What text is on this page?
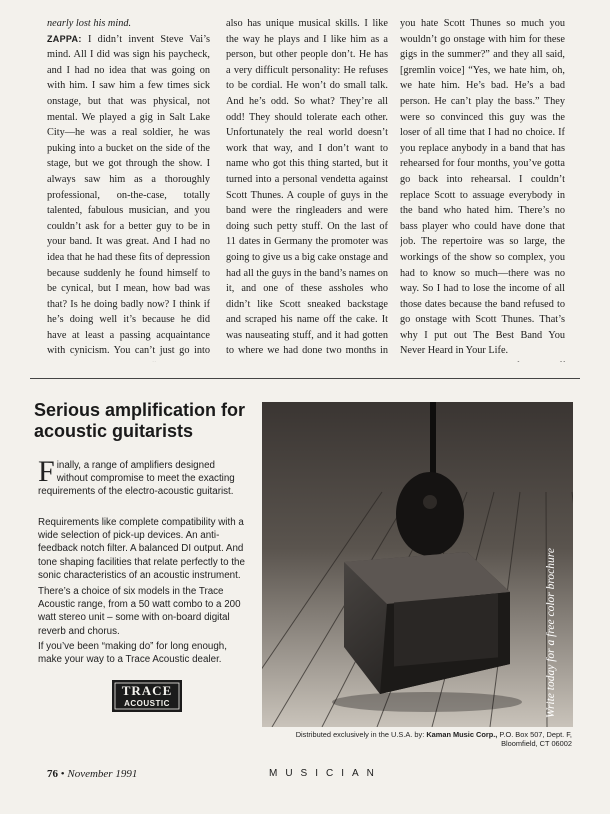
nearly lost his mind.

ZAPPA: I didn’t invent Steve Vai’s mind. All I did was sign his paycheck, and I had no idea that was going on with him. I saw him a few times sick onstage, but that was physical, not mental. We played a gig in Salt Lake City—he was a real soldier, he was puking into a bucket on the side of the stage, but we got through the show. I always saw him as a thoroughly professional, on-the-case, totally talented, fabulous musician, and you couldn’t ask for a better guy to be in your band. It was great. And I had no idea that he had these fits of depression because suddenly he found himself to be cynical, but I mean, how bad was that? Is he doing badly now? I think if he’s doing well it’s because he did have at least a passing acquaintance with cynicism. You can’t just go into

also has unique musical skills. I like the way he plays and I like him as a person, but other people don’t. He has a very difficult personality: He refuses to be cordial. He won’t do small talk. And he’s odd. So what? They’re all odd! They should tolerate each other. Unfortunately the real world doesn’t work that way, and I don’t want to name who got this thing started, but it turned into a personal vendetta against Scott Thunes. A couple of guys in the band were the ringleaders and were doing such petty stuff. On the last of 11 dates in Germany the promoter was going to give us a big cake onstage and had all the guys in the band’s names on it, and one of these assholes who didn’t like Scott sneaked backstage and scraped his name off the cake. It was nauseating stuff, and it had gotten to where we had done two months in

you hate Scott Thunes so much you wouldn’t go onstage with him for these gigs in the summer?” and they all said, [gremlin voice] “Yes, we hate him, oh, we hate him. He’s bad. He’s a bad person. He can’t play the bass.” They were so convinced this guy was the loser of all time that I had no choice. If you replace anybody in a band that has rehearsed for four months, you’ve gotta go back into rehearsal. I couldn’t replace Scott to assuage everybody in the band who hated him. There’s no bass player who could have done that job. The repertoire was so large, the workings of the show so complex, you had to know so much—there was no way. So I had to lose the income of all those dates because the band refused to go onstage with Scott Thunes. That’s why I put out The Best Band You Never Heard in Your Life.

Serious amplification for acoustic guitarists

Finally, a range of amplifiers designed without compromise to meet the exacting requirements of the electro-acoustic guitarist.

Requirements like complete compatibility with a wide selection of pick-up devices. An anti-feedback notch filter. A balanced DI output. And tone shaping facilities that relate perfectly to the sonic characteristics of an acoustic instrument.

There’s a choice of six models in the Trace Acoustic range, from a 50 watt combo to a 200 watt stereo unit – some with on-board digital reverb and chorus.

If you’ve been “making do” for long enough, make your way to a Trace Acoustic dealer.

TRACE
ACOUSTIC	Write today for a free color brochure
Distributed exclusively in the U.S.A. by: Kaman Music Corp., P.O. Box 507, Dept. F, Bloomfield, CT 06002
76 • November 1991	MUSICIAN
